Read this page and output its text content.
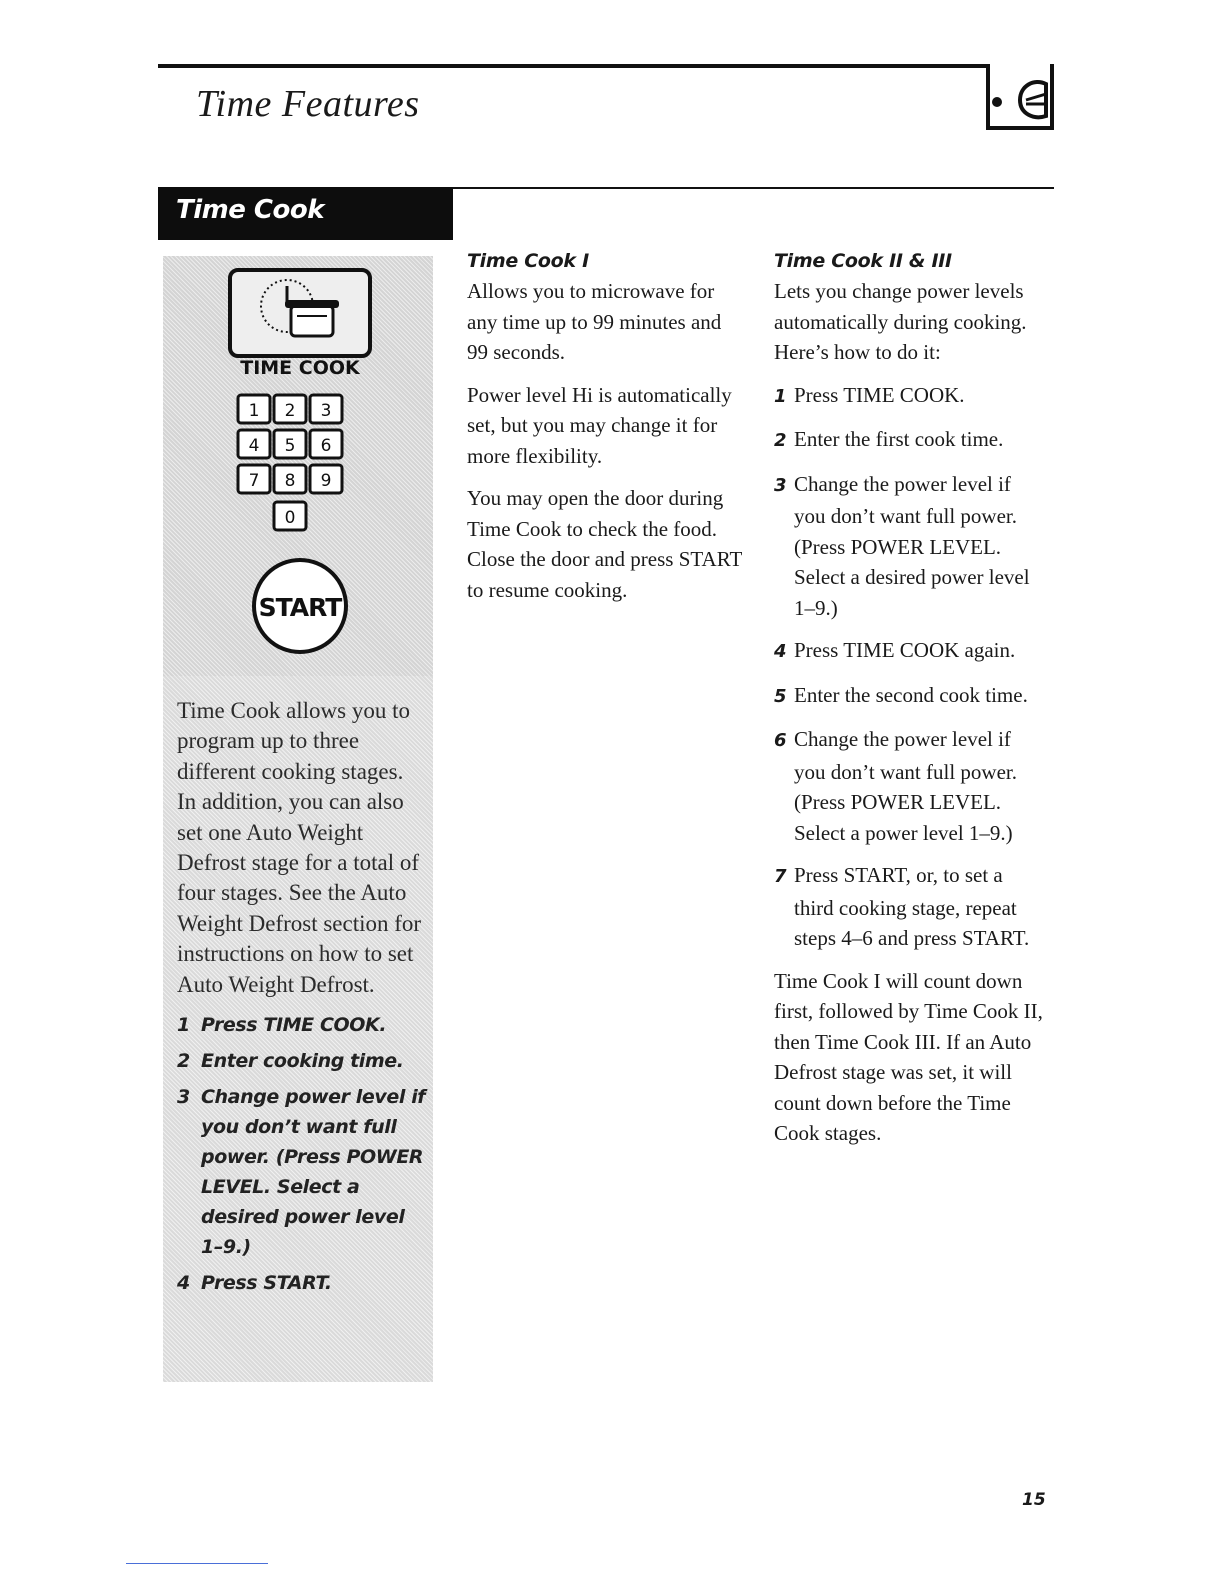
Time Features
Time Cook
TIME COOK
1 2 3
4 5 6
7 8 9
0
START

Time Cook allows you to program up to three different cooking stages. In addition, you can also set one Auto Weight Defrost stage for a total of four stages. See the Auto Weight Defrost section for instructions on how to set Auto Weight Defrost.

1 Press TIME COOK.
2 Enter cooking time.
3 Change power level if you don’t want full power. (Press POWER LEVEL. Select a desired power level 1–9.)
4 Press START.
Time Cook I

Allows you to microwave for any time up to 99 minutes and 99 seconds.

Power level Hi is automatically set, but you may change it for more flexibility.

You may open the door during Time Cook to check the food. Close the door and press START to resume cooking.

Time Cook II & III

Lets you change power levels automatically during cooking. Here’s how to do it:

1 Press TIME COOK.
2 Enter the first cook time.
3 Change the power level if you don’t want full power. (Press POWER LEVEL. Select a desired power level 1–9.)
4 Press TIME COOK again.
5 Enter the second cook time.
6 Change the power level if you don’t want full power. (Press POWER LEVEL. Select a power level 1–9.)
7 Press START, or, to set a third cooking stage, repeat steps 4–6 and press START.

Time Cook I will count down first, followed by Time Cook II, then Time Cook III. If an Auto Defrost stage was set, it will count down before the Time Cook stages.

15
